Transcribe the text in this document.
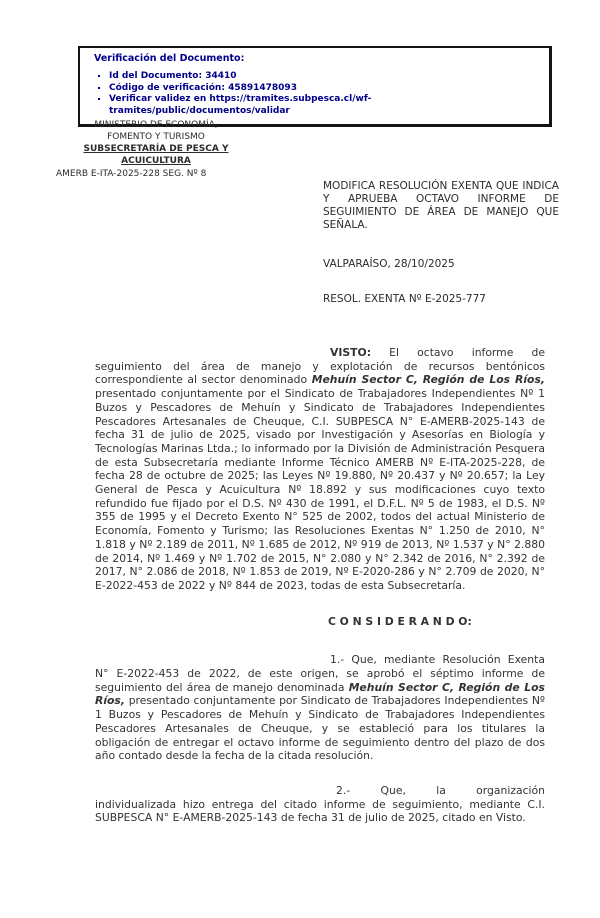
Verificación del Documento:
▪ Id del Documento: 34410
▪ Código de verificación: 45891478093
▪ Verificar validez en https://tramites.subpesca.cl/wf-tramites/public/documentos/validar
MINISTERIO DE ECONOMÍA,
FOMENTO Y TURISMO
SUBSECRETARÍA DE PESCA Y
ACUICULTURA
AMERB E-ITA-2025-228 SEG. Nº 8
MODIFICA RESOLUCIÓN EXENTA QUE INDICA Y APRUEBA OCTAVO INFORME DE SEGUIMIENTO DE ÁREA DE MANEJO QUE SEÑALA.
VALPARAÍSO, 28/10/2025
RESOL. EXENTA Nº E-2025-777

VISTO: El octavo informe de seguimiento del área de manejo y explotación de recursos bentónicos correspondiente al sector denominado Mehuín Sector C, Región de Los Ríos, presentado conjuntamente por el Sindicato de Trabajadores Independientes Nº 1 Buzos y Pescadores de Mehuín y Sindicato de Trabajadores Independientes Pescadores Artesanales de Cheuque, C.I. SUBPESCA N° E-AMERB-2025-143 de fecha 31 de julio de 2025, visado por Investigación y Asesorías en Biología y Tecnologías Marinas Ltda.; lo informado por la División de Administración Pesquera de esta Subsecretaría mediante Informe Técnico AMERB Nº E-ITA-2025-228, de fecha 28 de octubre de 2025; las Leyes Nº 19.880, Nº 20.437 y Nº 20.657; la Ley General de Pesca y Acuicultura Nº 18.892 y sus modificaciones cuyo texto refundido fue fijado por el D.S. Nº 430 de 1991, el D.F.L. Nº 5 de 1983, el D.S. Nº 355 de 1995 y el Decreto Exento N° 525 de 2002, todos del actual Ministerio de Economía, Fomento y Turismo; las Resoluciones Exentas N° 1.250 de 2010, N° 1.818 y Nº 2.189 de 2011, Nº 1.685 de 2012, Nº 919 de 2013, Nº 1.537 y N° 2.880 de 2014, Nº 1.469 y Nº 1.702 de 2015, N° 2.080 y N° 2.342 de 2016, N° 2.392 de 2017, N° 2.086 de 2018, Nº 1.853 de 2019, Nº E-2020-286 y N° 2.709 de 2020, N° E-2022-453 de 2022 y Nº 844 de 2023, todas de esta Subsecretaría.

C O N S I D E R A N D O:

1.- Que, mediante Resolución Exenta N° E-2022-453 de 2022, de este origen, se aprobó el séptimo informe de seguimiento del área de manejo denominada Mehuín Sector C, Región de Los Ríos, presentado conjuntamente por Sindicato de Trabajadores Independientes Nº 1 Buzos y Pescadores de Mehuín y Sindicato de Trabajadores Independientes Pescadores Artesanales de Cheuque, y se estableció para los titulares la obligación de entregar el octavo informe de seguimiento dentro del plazo de dos año contado desde la fecha de la citada resolución.

2.- Que, la organización individualizada hizo entrega del citado informe de seguimiento, mediante C.I. SUBPESCA N° E-AMERB-2025-143 de fecha 31 de julio de 2025, citado en Visto.
